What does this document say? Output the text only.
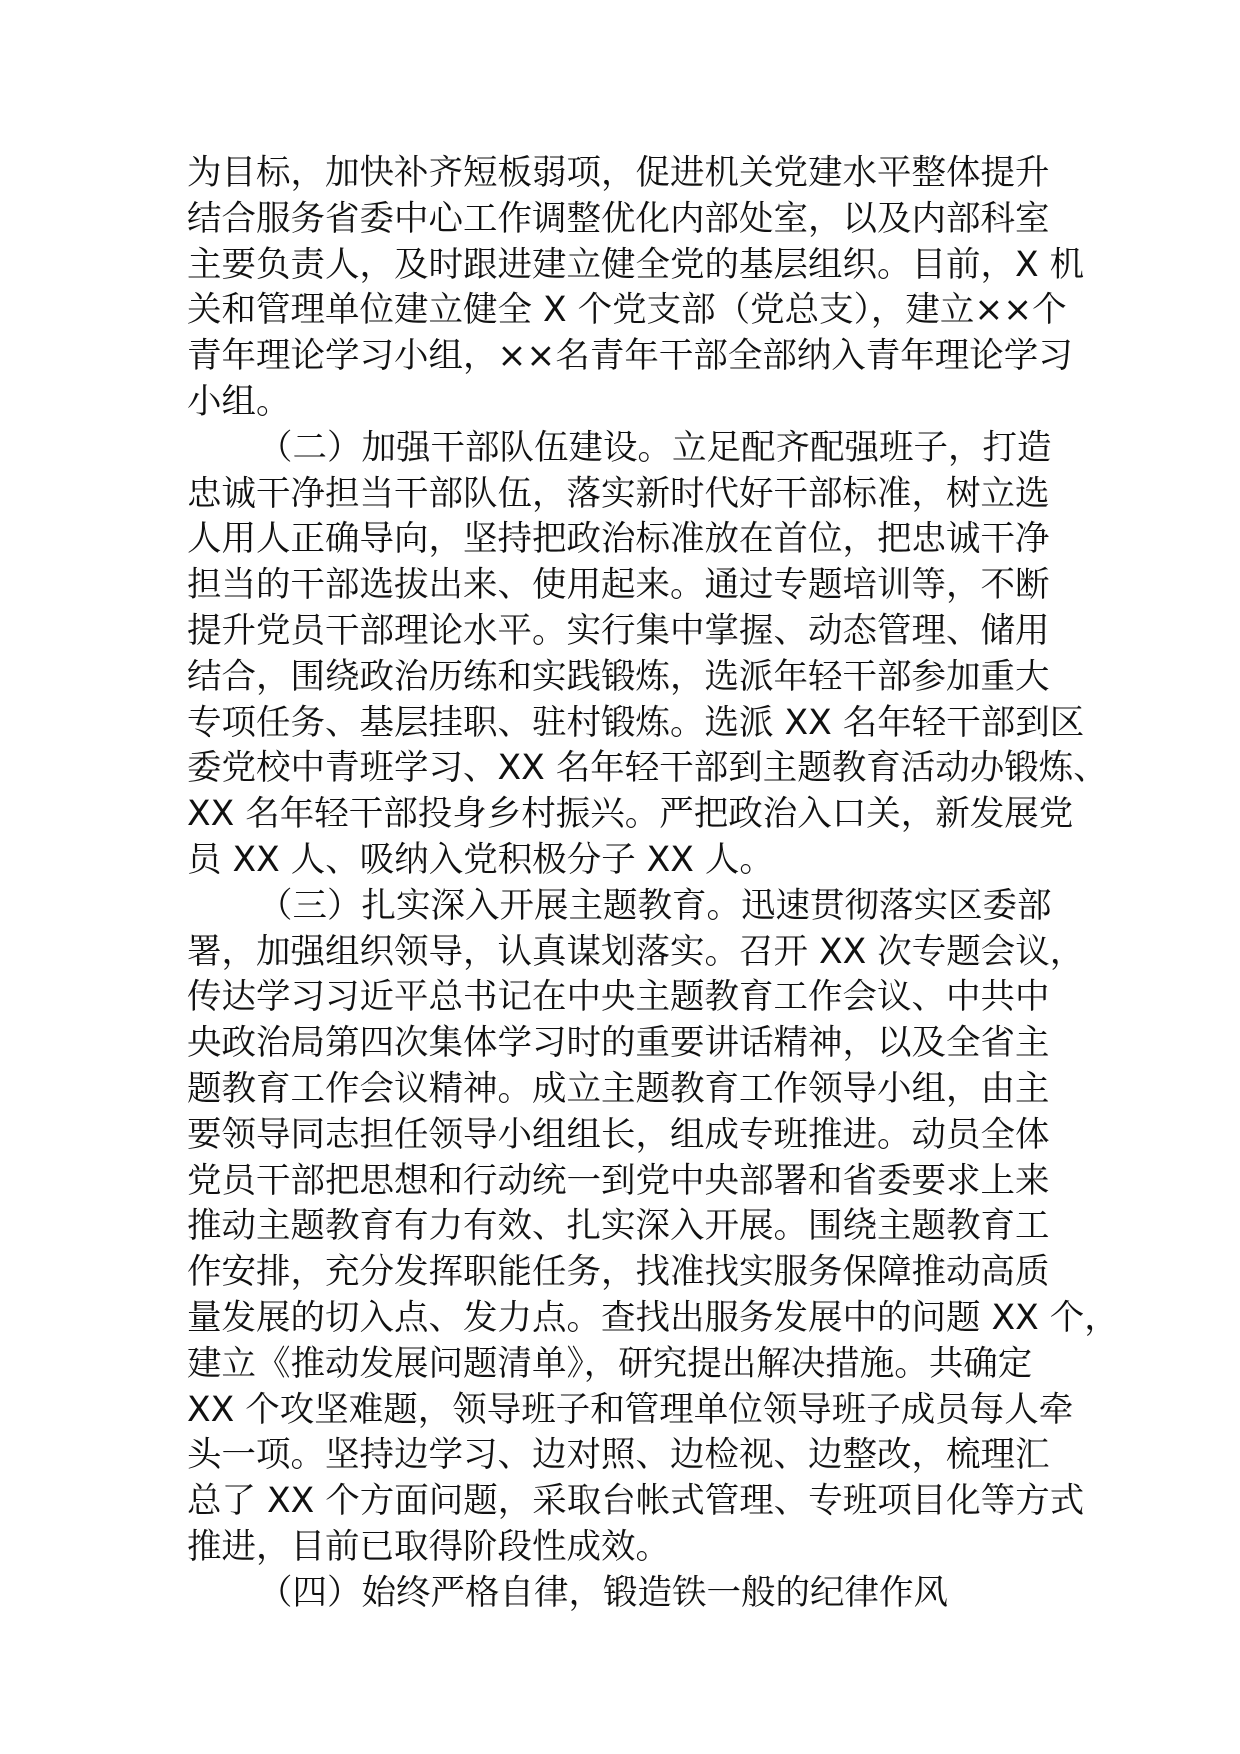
为目标，加快补齐短板弱项，促进机关党建水平整体提升
结合服务省委中心工作调整优化内部处室，以及内部科室
主要负责人，及时跟进建立健全党的基层组织。目前，X 机
关和管理单位建立健全 X 个党支部（党总支），建立××个
青年理论学习小组，××名青年干部全部纳入青年理论学习
小组。
（二）加强干部队伍建设。立足配齐配强班子，打造
忠诚干净担当干部队伍，落实新时代好干部标准，树立选
人用人正确导向，坚持把政治标准放在首位，把忠诚干净
担当的干部选拔出来、使用起来。通过专题培训等，不断
提升党员干部理论水平。实行集中掌握、动态管理、储用
结合，围绕政治历练和实践锻炼，选派年轻干部参加重大
专项任务、基层挂职、驻村锻炼。选派 XX 名年轻干部到区
委党校中青班学习、XX 名年轻干部到主题教育活动办锻炼、
XX 名年轻干部投身乡村振兴。严把政治入口关，新发展党
员 XX 人、吸纳入党积极分子 XX 人。
（三）扎实深入开展主题教育。迅速贯彻落实区委部
署，加强组织领导，认真谋划落实。召开 XX 次专题会议，
传达学习习近平总书记在中央主题教育工作会议、中共中
央政治局第四次集体学习时的重要讲话精神，以及全省主
题教育工作会议精神。成立主题教育工作领导小组，由主
要领导同志担任领导小组组长，组成专班推进。动员全体
党员干部把思想和行动统一到党中央部署和省委要求上来
推动主题教育有力有效、扎实深入开展。围绕主题教育工
作安排，充分发挥职能任务，找准找实服务保障推动高质
量发展的切入点、发力点。查找出服务发展中的问题 XX 个，
建立《推动发展问题清单》，研究提出解决措施。共确定
XX 个攻坚难题，领导班子和管理单位领导班子成员每人牵
头一项。坚持边学习、边对照、边检视、边整改，梳理汇
总了 XX 个方面问题，采取台帐式管理、专班项目化等方式
推进，目前已取得阶段性成效。
（四）始终严格自律，锻造铁一般的纪律作风
